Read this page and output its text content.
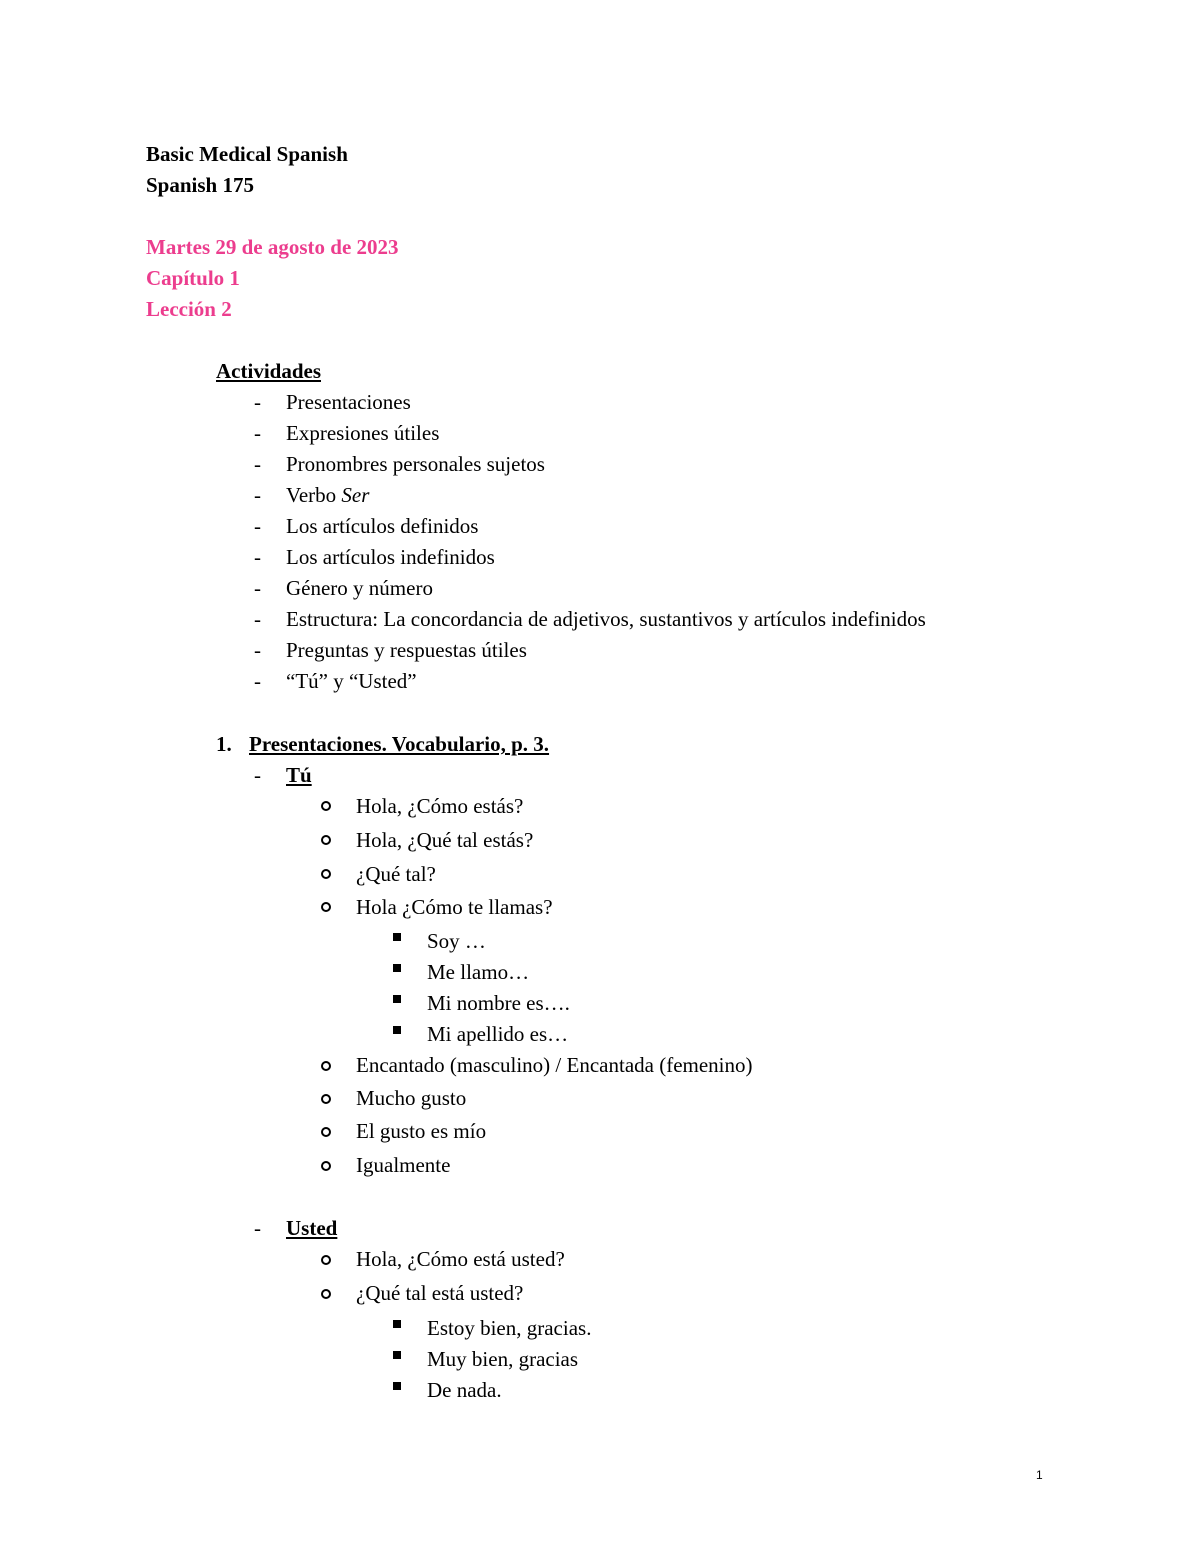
Basic Medical Spanish
Spanish 175
Martes 29 de agosto de 2023
Capítulo 1
Lección 2
Actividades
- Presentaciones
- Expresiones útiles
- Pronombres personales sujetos
- Verbo Ser
- Los artículos definidos
- Los artículos indefinidos
- Género y número
- Estructura: La concordancia de adjetivos, sustantivos y artículos indefinidos
- Preguntas y respuestas útiles
- “Tú” y “Usted”
1. Presentaciones. Vocabulario, p. 3.
- Tú
Hola, ¿Cómo estás?
Hola, ¿Qué tal estás?
¿Qué tal?
Hola ¿Cómo te llamas?
Soy …
Me llamo…
Mi nombre es….
Mi apellido es…
Encantado (masculino) / Encantada (femenino)
Mucho gusto
El gusto es mío
Igualmente
- Usted
Hola, ¿Cómo está usted?
¿Qué tal está usted?
Estoy bien, gracias.
Muy bien, gracias
De nada.
1
